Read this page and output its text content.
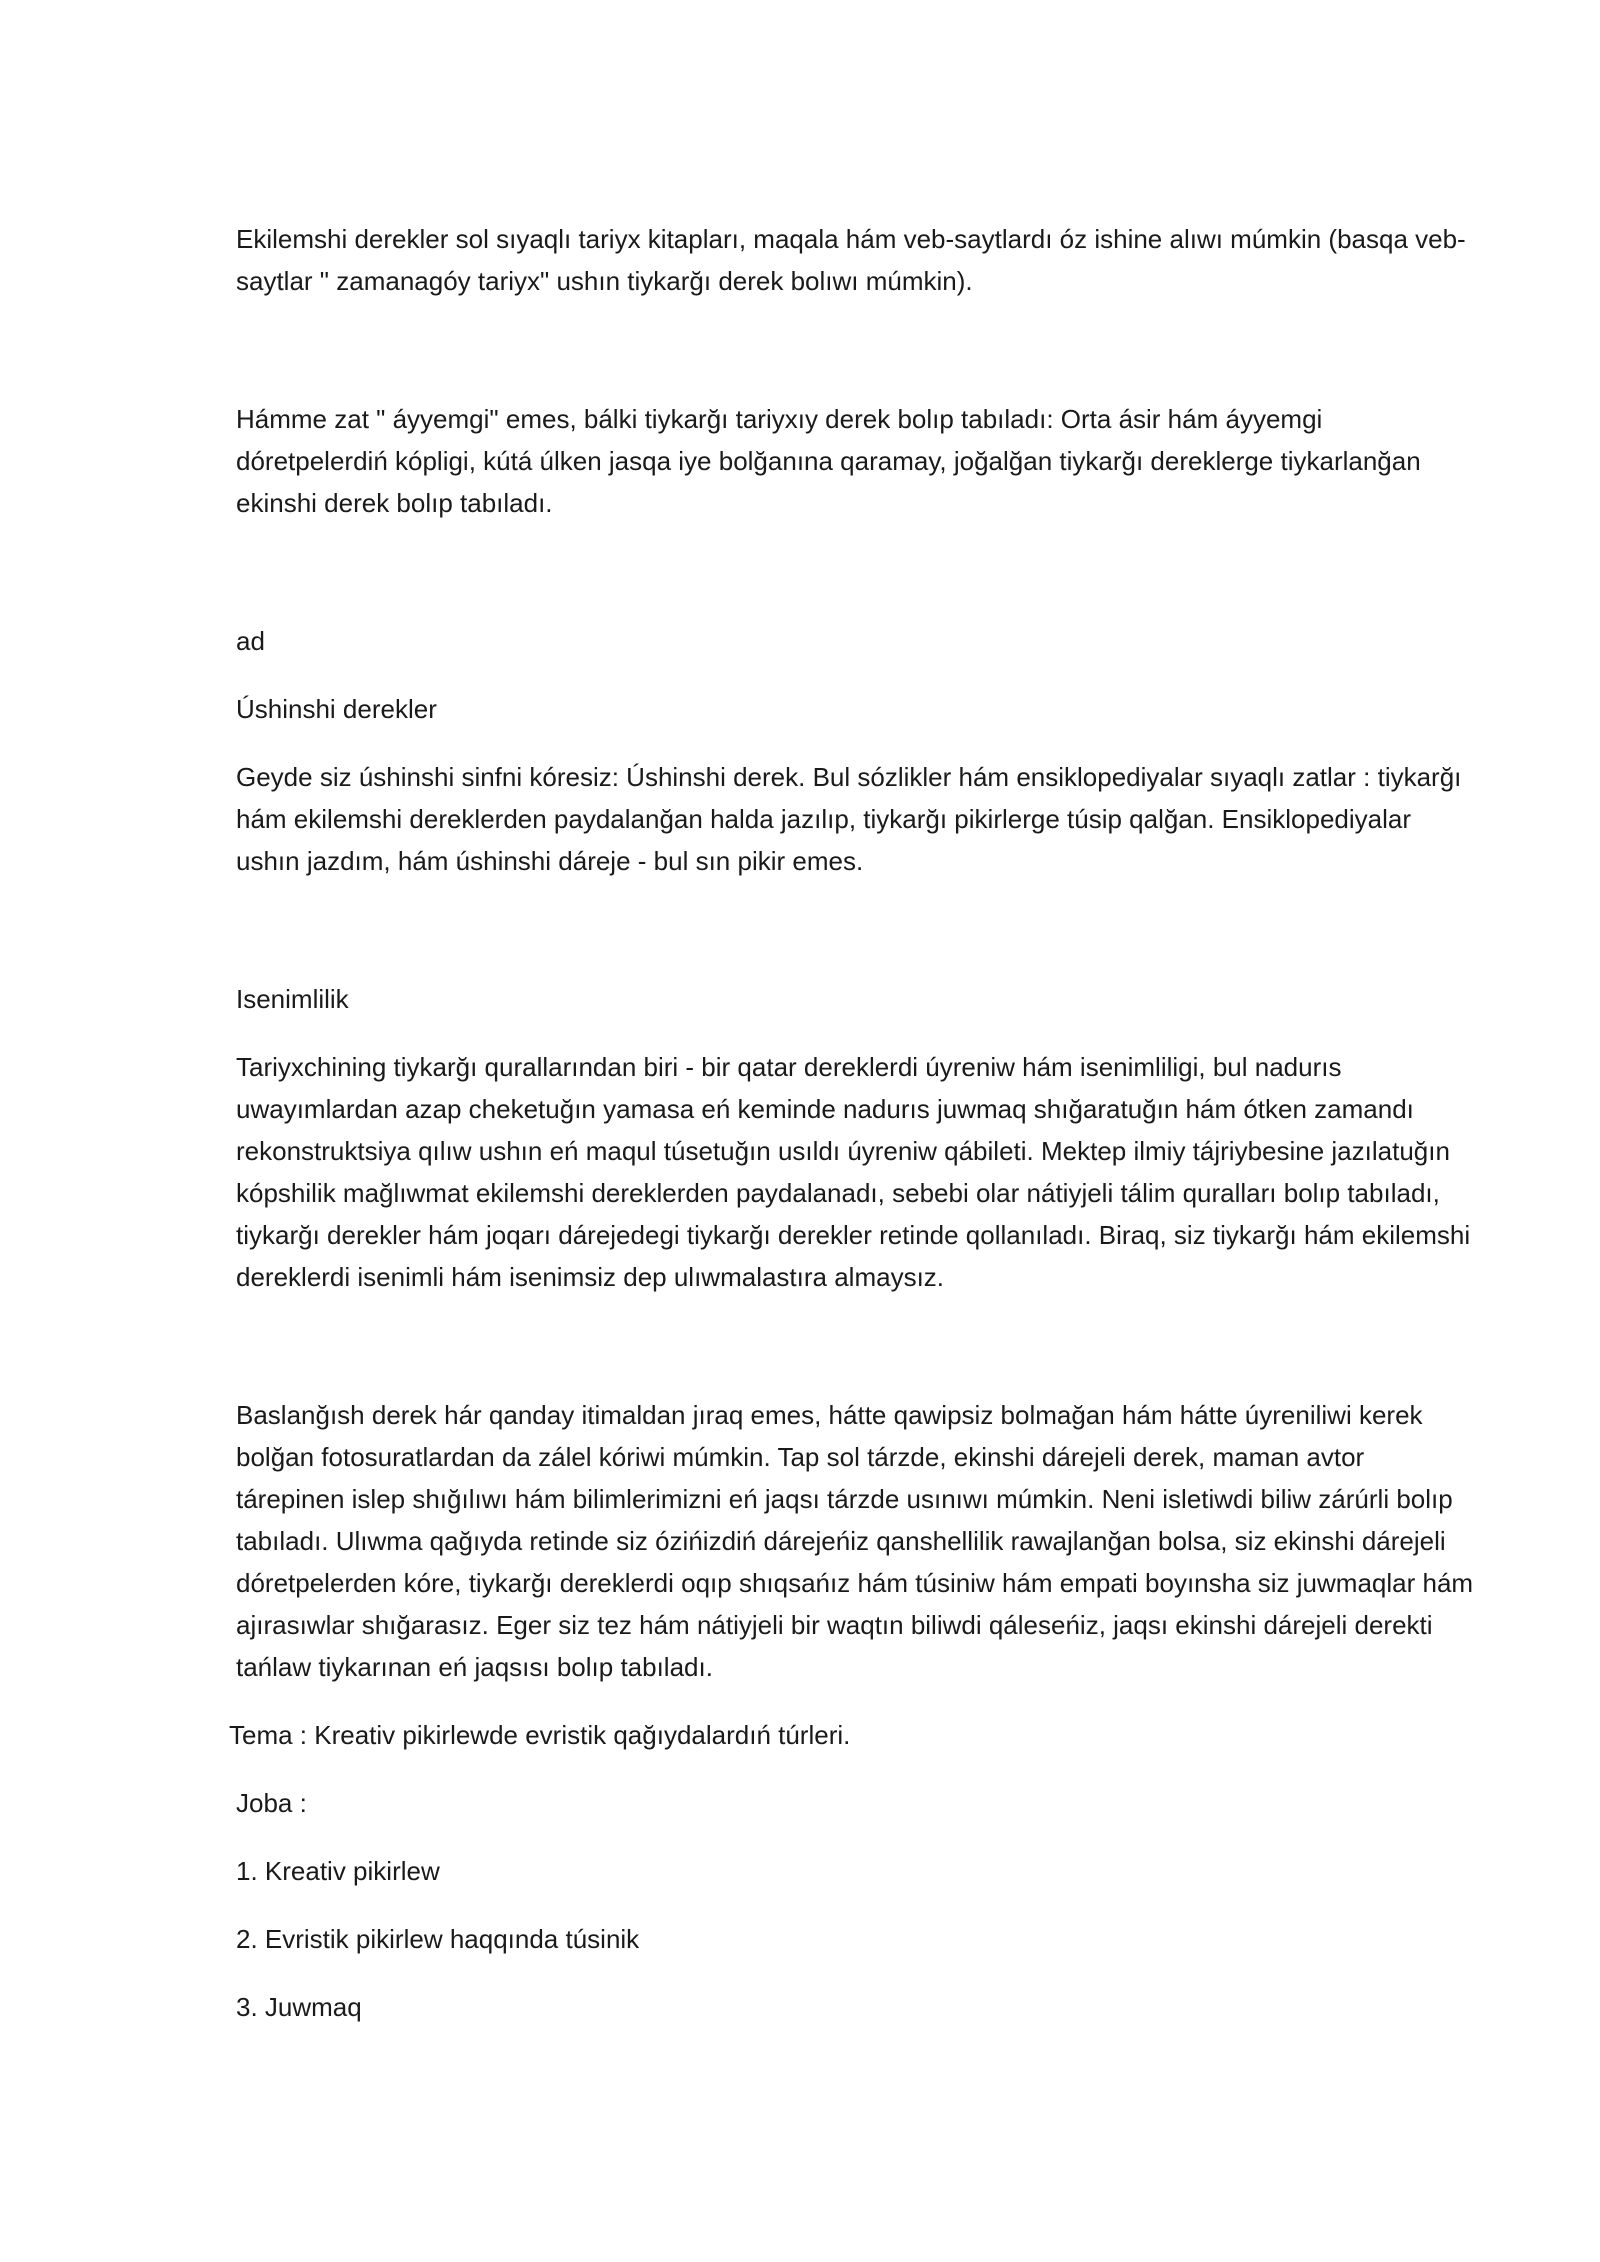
Ekilemshi derekler sol sıyaqlı tariyx kitapları, maqala hám veb-saytlardı óz ishine alıwı múmkin (basqa veb-saytlar " zamanagóy tariyx" ushın tiykarğı derek bolıwı múmkin).

Hámme zat " áyyemgi" emes, bálki tiykarğı tariyxıy derek bolıp tabıladı: Orta ásir hám áyyemgi dóretpelerdiń kópligi, kútá úlken jasqa iye bolğanına qaramay, joğalğan tiykarğı dereklerge tiykarlanğan ekinshi derek bolıp tabıladı.

ad

Úshinshi derekler

Geyde siz úshinshi sinfni kóresiz: Úshinshi derek. Bul sózlikler hám ensiklopediyalar sıyaqlı zatlar : tiykarğı hám ekilemshi dereklerden paydalanğan halda jazılıp, tiykarğı pikirlerge túsip qalğan. Ensiklopediyalar ushın jazdım, hám úshinshi dáreje - bul sın pikir emes.

Isenimlilik

Tariyxchining tiykarğı qurallarından biri - bir qatar dereklerdi úyreniw hám isenimliligi, bul nadurıs uwayımlardan azap cheketuğın yamasa eń keminde nadurıs juwmaq shığaratuğın hám ótken zamandı rekonstruktsiya qılıw ushın eń maqul túsetuğın usıldı úyreniw qábileti. Mektep ilmiy tájriybesine jazılatuğın kópshilik mağlıwmat ekilemshi dereklerden paydalanadı, sebebi olar nátiyjeli tálim quralları bolıp tabıladı, tiykarğı derekler hám joqarı dárejedegi tiykarğı derekler retinde qollanıladı. Biraq, siz tiykarğı hám ekilemshi dereklerdi isenimli hám isenimsiz dep ulıwmalastıra almaysız.

Baslanğısh derek hár qanday itimaldan jıraq emes, hátte qawipsiz bolmağan hám hátte úyreniliwi kerek bolğan fotosuratlardan da zálel kóriwi múmkin. Tap sol tárzde, ekinshi dárejeli derek, maman avtor tárepinen islep shığılıwı hám bilimlerimizni eń jaqsı tárzde usınıwı múmkin. Neni isletiwdi biliw zárúrli bolıp tabıladı. Ulıwma qağıyda retinde siz ózińizdiń dárejeńiz qanshellilik rawajlanğan bolsa, siz ekinshi dárejeli dóretpelerden kóre, tiykarğı dereklerdi oqıp shıqsańız hám túsiniw hám empati boyınsha siz juwmaqlar hám ajırasıwlar shığarasız. Eger siz tez hám nátiyjeli bir waqtın biliwdi qáleseńiz, jaqsı ekinshi dárejeli derekti tańlaw tiykarınan eń jaqsısı bolıp tabıladı.

Tema : Kreativ pikirlewde evristik qağıydalardıń túrleri.

Joba :

1. Kreativ pikirlew

2. Evristik pikirlew haqqında túsinik

3. Juwmaq
